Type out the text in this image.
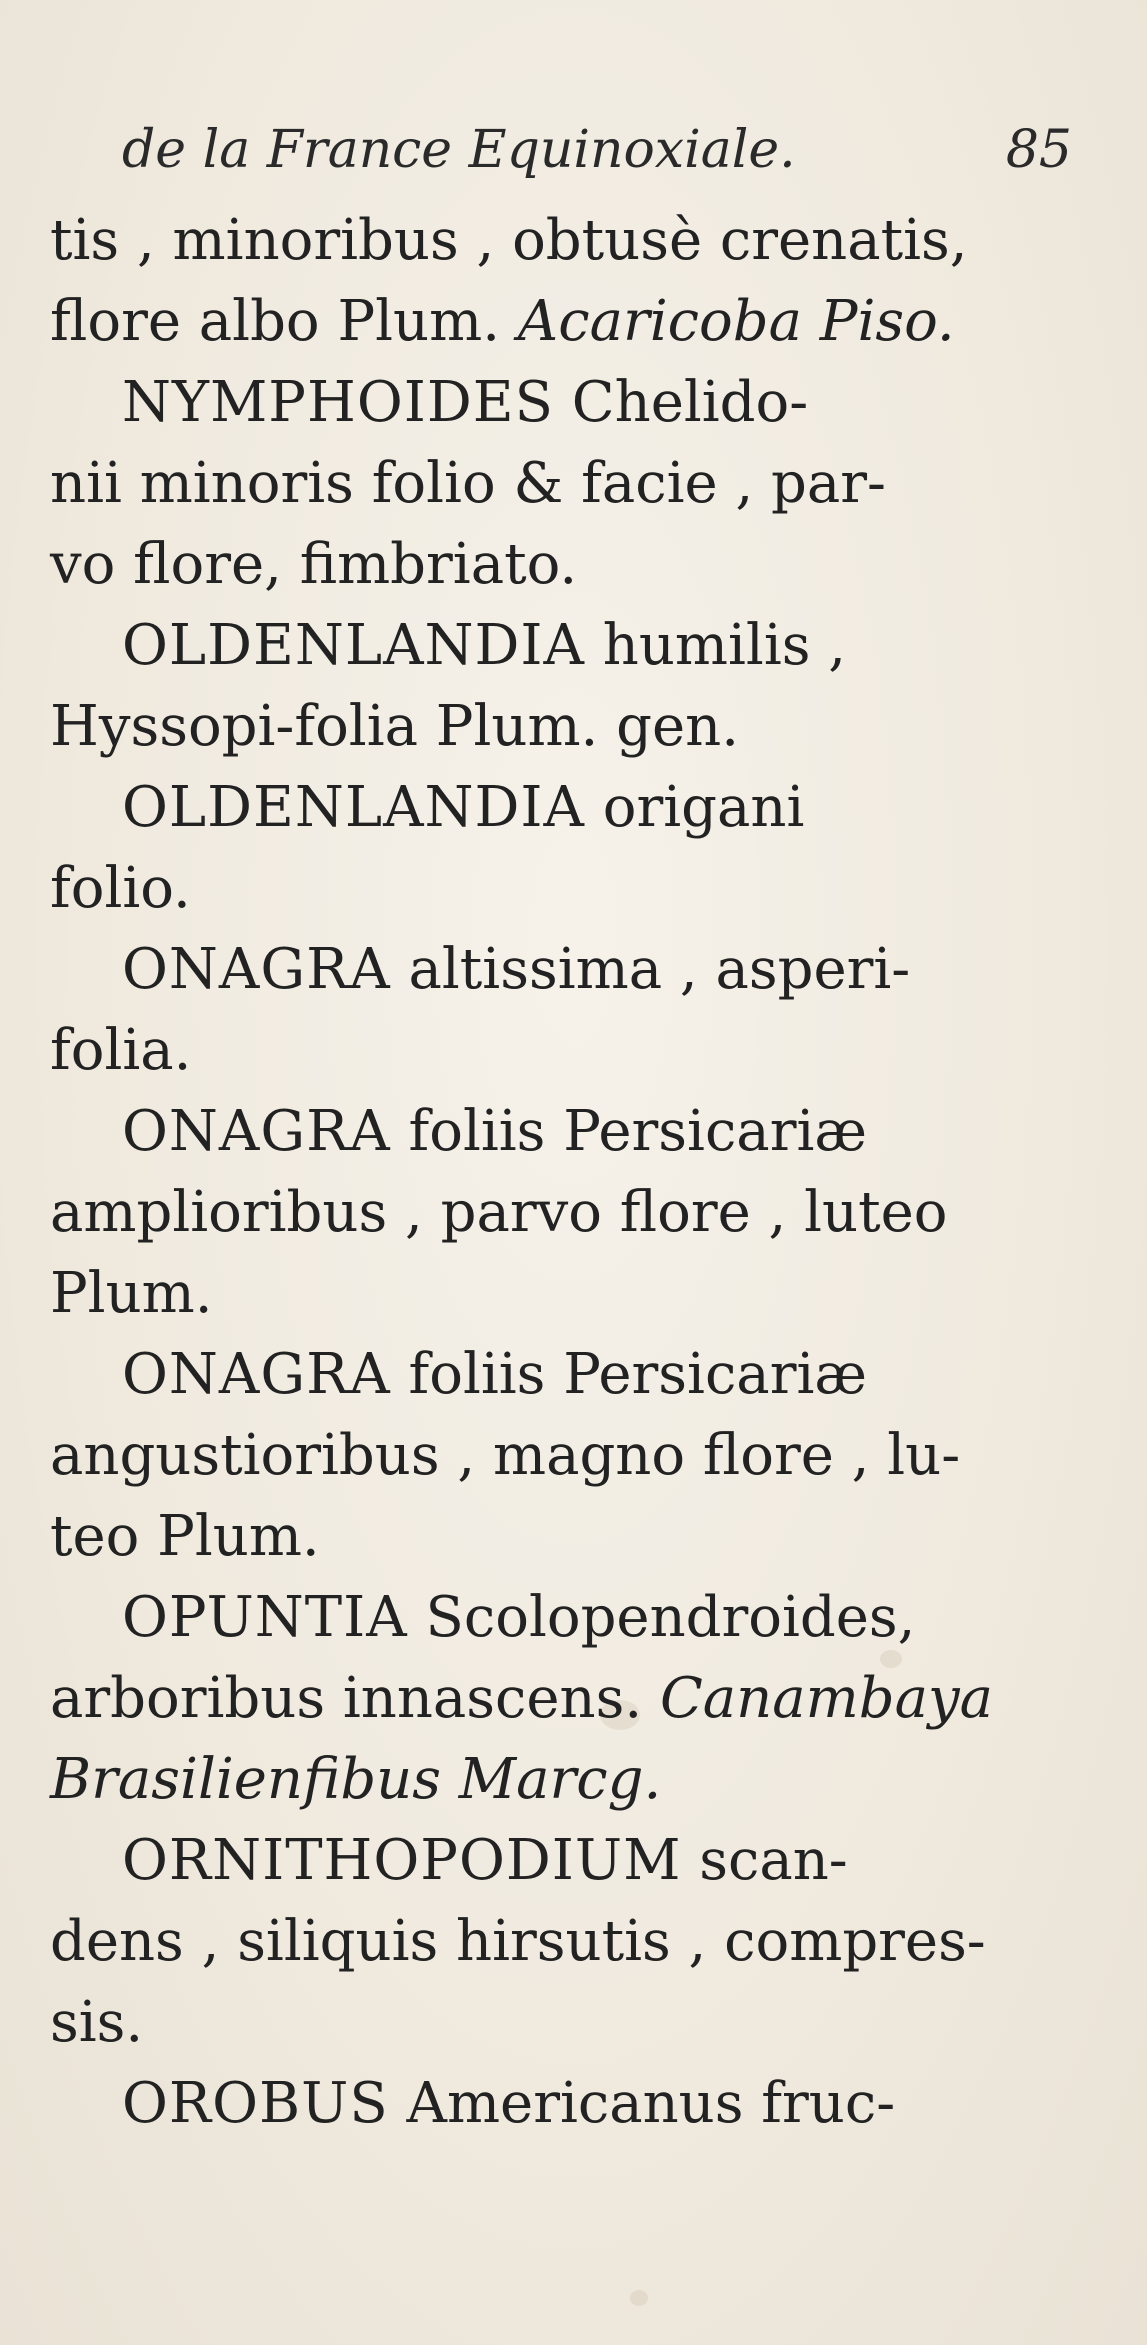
de la France Equinoxiale.	85
tis , minoribus , obtusè crenatis,
flore albo Plum. Acaricoba Piso.
NYMPHOIDES Chelido-
nii minoris folio & facie , par-
vo flore, fimbriato.
OLDENLANDIA humilis ,
Hyssopi-folia Plum. gen.
OLDENLANDIA origani
folio.
ONAGRA altissima , asperi-
folia.
ONAGRA foliis Persicariæ
amplioribus , parvo flore , luteo
Plum.
ONAGRA foliis Persicariæ
angustioribus , magno flore , lu-
teo Plum.
OPUNTIA Scolopendroides,
arboribus innascens. Canambaya
Brasilienfibus Marcg.
ORNITHOPODIUM scan-
dens , siliquis hirsutis , compres-
sis.
OROBUS Americanus fruc-
